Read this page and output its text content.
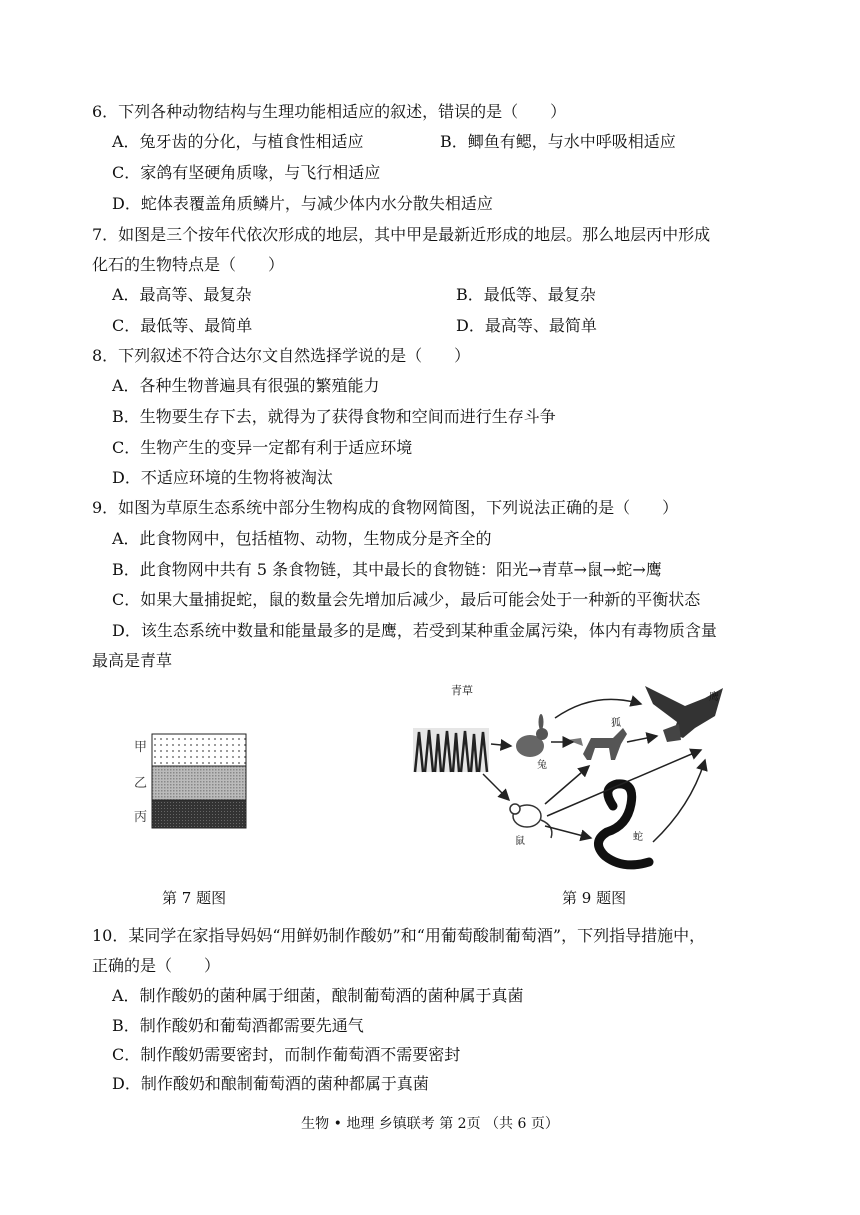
6．下列各种动物结构与生理功能相适应的叙述，错误的是（　　）
A．兔牙齿的分化，与植食性相适应	B．鲫鱼有鳃，与水中呼吸相适应
C．家鸽有坚硬角质喙，与飞行相适应
D．蛇体表覆盖角质鳞片，与减少体内水分散失相适应
7．如图是三个按年代依次形成的地层，其中甲是最新近形成的地层。那么地层丙中形成
化石的生物特点是（　　）
A．最高等、最复杂	B．最低等、最复杂
C．最低等、最简单	D．最高等、最简单
8．下列叙述不符合达尔文自然选择学说的是（　　）
A．各种生物普遍具有很强的繁殖能力
B．生物要生存下去，就得为了获得食物和空间而进行生存斗争
C．生物产生的变异一定都有利于适应环境
D．不适应环境的生物将被淘汰
9．如图为草原生态系统中部分生物构成的食物网简图，下列说法正确的是（　　）
A．此食物网中，包括植物、动物，生物成分是齐全的
B．此食物网中共有 5 条食物链，其中最长的食物链：阳光→青草→鼠→蛇→鹰
C．如果大量捕捉蛇，鼠的数量会先增加后减少，最后可能会处于一种新的平衡状态
D．该生态系统中数量和能量最多的是鹰，若受到某种重金属污染，体内有毒物质含量
最高是青草
甲
乙
丙
第 7 题图
青草
兔
狐
鹰
鼠	蛇
第 9 题图
10．某同学在家指导妈妈“用鲜奶制作酸奶”和“用葡萄酸制葡萄酒”，下列指导措施中，
正确的是（　　）
A．制作酸奶的菌种属于细菌，酿制葡萄酒的菌种属于真菌
B．制作酸奶和葡萄酒都需要先通气
C．制作酸奶需要密封，而制作葡萄酒不需要密封
D．制作酸奶和酿制葡萄酒的菌种都属于真菌
生物 • 地理 乡镇联考 第 2页 （共 6 页）
